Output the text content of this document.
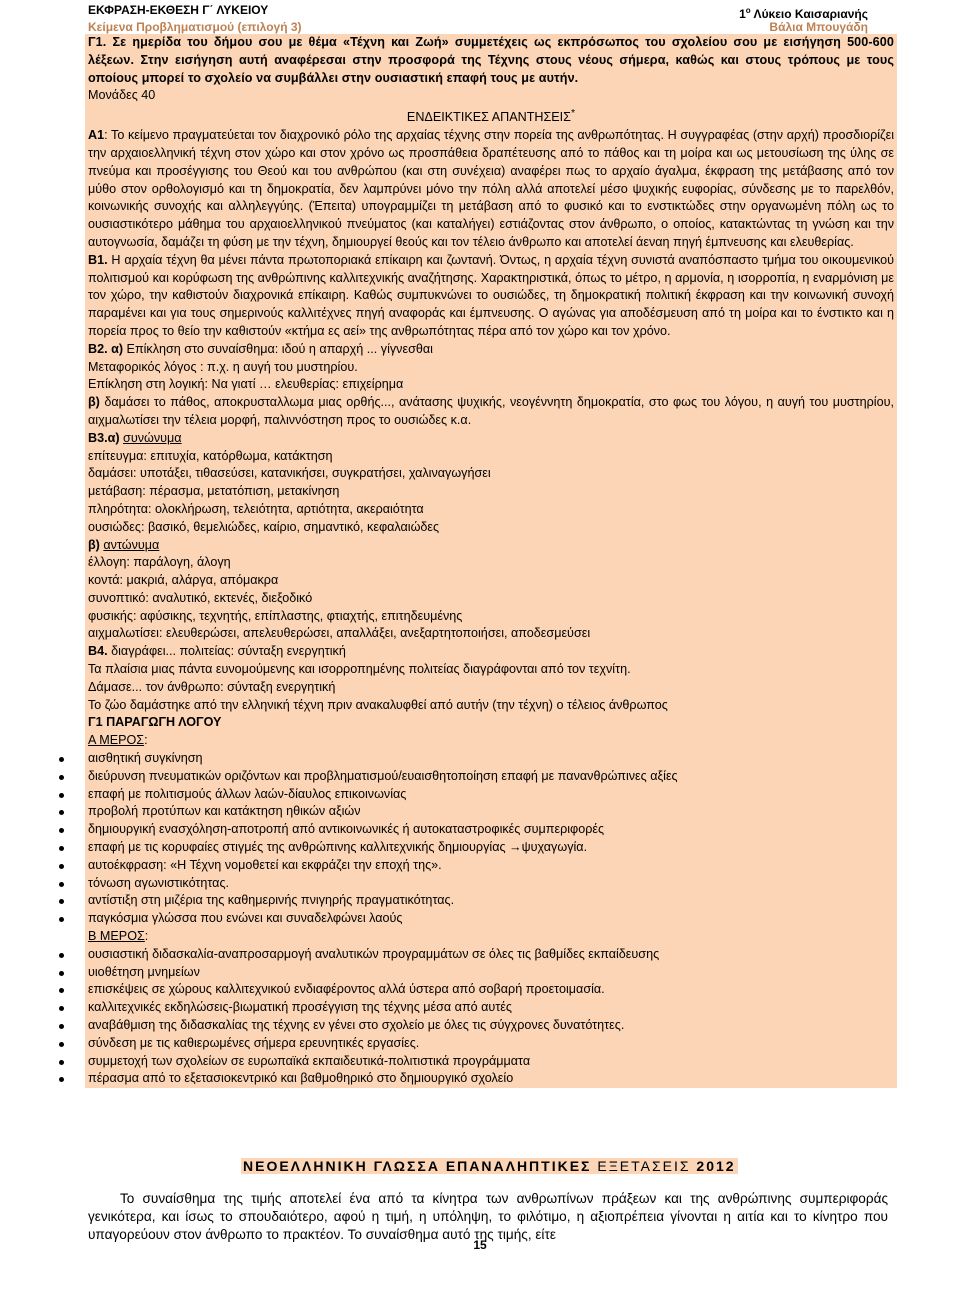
ΕΚΦΡΑΣΗ-ΕΚΘΕΣΗ Γ΄ ΛΥΚΕΙΟΥ	$1^o$ Λύκειο Καισαριανής
Κείμενα Προβληματισμού (επιλογή 3)	Βάλια Μπουγάδη

Γ1. Σε ημερίδα του δήμου σου με θέμα «Τέχνη και Ζωή» συμμετέχεις ως εκπρόσωπος του σχολείου σου με εισήγηση 500-600 λέξεων. Στην εισήγηση αυτή αναφέρεσαι στην προσφορά της Τέχνης στους νέους σήμερα, καθώς και στους τρόπους με τους οποίους μπορεί το σχολείο να συμβάλλει στην ουσιαστική επαφή τους με αυτήν.

Μονάδες 40

ΕΝΔΕΙΚΤΙΚΕΣ ΑΠΑΝΤΗΣΕΙΣ*

Α1: Το κείμενο πραγματεύεται τον διαχρονικό ρόλο της αρχαίας τέχνης στην πορεία της ανθρωπότητας. Η συγγραφέας (στην αρχή) προσδιορίζει την αρχαιοελληνική τέχνη στον χώρο και στον χρόνο ως προσπάθεια δραπέτευσης από το πάθος και τη μοίρα και ως μετουσίωση της ύλης σε πνεύμα και προσέγγισης του Θεού και του ανθρώπου (και στη συνέχεια) αναφέρει πως το αρχαίο άγαλμα, έκφραση της μετάβασης από τον μύθο στον ορθολογισμό και τη δημοκρατία, δεν λαμπρύνει μόνο την πόλη αλλά αποτελεί μέσο ψυχικής ευφορίας, σύνδεσης με το παρελθόν, κοινωνικής συνοχής και αλληλεγγύης. (Έπειτα) υπογραμμίζει τη μετάβαση από το φυσικό και το ενστικτώδες στην οργανωμένη πόλη ως το ουσιαστικότερο μάθημα του αρχαιοελληνικού πνεύματος (και καταλήγει) εστιάζοντας στον άνθρωπο, ο οποίος, κατακτώντας τη γνώση και την αυτογνωσία, δαμάζει τη φύση με την τέχνη, δημιουργεί θεούς και τον τέλειο άνθρωπο και αποτελεί άεναη πηγή έμπνευσης και ελευθερίας.

Β1. Η αρχαία τέχνη θα μένει πάντα πρωτοποριακά επίκαιρη και ζωντανή. Όντως, η αρχαία τέχνη συνιστά αναπόσπαστο τμήμα του οικουμενικού πολιτισμού και κορύφωση της ανθρώπινης καλλιτεχνικής αναζήτησης. Χαρακτηριστικά, όπως το μέτρο, η αρμονία, η ισορροπία, η εναρμόνιση με τον χώρο, την καθιστούν διαχρονικά επίκαιρη. Καθώς συμπυκνώνει το ουσιώδες, τη δημοκρατική πολιτική έκφραση και την κοινωνική συνοχή παραμένει και για τους σημερινούς καλλιτέχνες πηγή αναφοράς και έμπνευσης. Ο αγώνας για αποδέσμευση από τη μοίρα και το ένστικτο και η πορεία προς το θείο την καθιστούν «κτήμα ες αεί» της ανθρωπότητας πέρα από τον χώρο και τον χρόνο.

Β2. α) Επίκληση στο συναίσθημα: ιδού η απαρχή ... γίγνεσθαι

Μεταφορικός λόγος : π.χ. η αυγή του μυστηρίου.

Επίκληση στη λογική: Να γιατί … ελευθερίας: επιχείρημα

β) δαμάσει το πάθος, αποκρυσταλλωμα μιας ορθής..., ανάτασης ψυχικής, νεογέννητη δημοκρατία, στο φως του λόγου, η αυγή του μυστηρίου, αιχμαλωτίσει την τέλεια μορφή, παλιννόστηση προς το ουσιώδες κ.α.

Β3.α) συνώνυμα

επίτευγμα: επιτυχία, κατόρθωμα, κατάκτηση

δαμάσει: υποτάξει, τιθασεύσει, κατανικήσει, συγκρατήσει, χαλιναγωγήσει

μετάβαση: πέρασμα, μετατόπιση, μετακίνηση

πληρότητα: ολοκλήρωση, τελειότητα, αρτιότητα, ακεραιότητα

ουσιώδες: βασικό, θεμελιώδες, καίριο, σημαντικό, κεφαλαιώδες

β) αντώνυμα

έλλογη: παράλογη, άλογη

κοντά: μακριά, αλάργα, απόμακρα

συνοπτικό: αναλυτικό, εκτενές, διεξοδικό

φυσικής: αφύσικης, τεχνητής, επίπλαστης, φτιαχτής, επιτηδευμένης

αιχμαλωτίσει: ελευθερώσει, απελευθερώσει, απαλλάξει, ανεξαρτητοποιήσει, αποδεσμεύσει

Β4. διαγράφει... πολιτείας: σύνταξη ενεργητική

Τα πλαίσια μιας πάντα ευνομούμενης και ισορροπημένης πολιτείας διαγράφονται από τον τεχνίτη.

Δάμασε... τον άνθρωπο: σύνταξη ενεργητική

Το ζώο δαμάστηκε από την ελληνική τέχνη πριν ανακαλυφθεί από αυτήν (την τέχνη) ο τέλειος άνθρωπος

Γ1 ΠΑΡΑΓΩΓΗ ΛΟΓΟΥ

Α ΜΕΡΟΣ:

αισθητική συγκίνηση
διεύρυνση πνευματικών οριζόντων και προβληματισμού/ευαισθητοποίηση επαφή με πανανθρώπινες αξίες
επαφή με πολιτισμούς άλλων λαών-δίαυλος επικοινωνίας
προβολή προτύπων και κατάκτηση ηθικών αξιών
δημιουργική ενασχόληση-αποτροπή από αντικοινωνικές ή αυτοκαταστροφικές συμπεριφορές
επαφή με τις κορυφαίες στιγμές της ανθρώπινης καλλιτεχνικής δημιουργίας →ψυχαγωγία.
αυτοέκφραση: «Η Τέχνη νομοθετεί και εκφράζει την εποχή της».
τόνωση αγωνιστικότητας.
αντίστιξη στη μιζέρια της καθημερινής πνιγηρής πραγματικότητας.
παγκόσμια γλώσσα που ενώνει και συναδελφώνει λαούς

Β ΜΕΡΟΣ:

ουσιαστική διδασκαλία-αναπροσαρμογή αναλυτικών προγραμμάτων σε όλες τις βαθμίδες εκπαίδευσης
υιοθέτηση μνημείων
επισκέψεις σε χώρους καλλιτεχνικού ενδιαφέροντος αλλά ύστερα από σοβαρή προετοιμασία.
καλλιτεχνικές εκδηλώσεις-βιωματική προσέγγιση της τέχνης μέσα από αυτές
αναβάθμιση της διδασκαλίας της τέχνης εν γένει στο σχολείο με όλες τις σύγχρονες δυνατότητες.
σύνδεση με τις καθιερωμένες σήμερα ερευνητικές εργασίες.
συμμετοχή των σχολείων σε ευρωπαϊκά εκπαιδευτικά-πολιτιστικά προγράμματα
πέρασμα από το εξετασιοκεντρικό και βαθμοθηρικό στο δημιουργικό σχολείο
ΝΕΟΕΛΛΗΝΙΚΗ ΓΛΩΣΣΑ ΕΠΑΝΑΛΗΠΤΙΚΕΣ ΕΞΕΤΑΣΕΙΣ 2012

Το συναίσθημα της τιμής αποτελεί ένα από τα κίνητρα των ανθρωπίνων πράξεων και της ανθρώπινης συμπεριφοράς γενικότερα, και ίσως το σπουδαιότερο, αφού η τιμή, η υπόληψη, το φιλότιμο, η αξιοπρέπεια γίνονται η αιτία και το κίνητρο που υπαγορεύουν στον άνθρωπο το πρακτέον. Το συναίσθημα αυτό της τιμής, είτε

15
